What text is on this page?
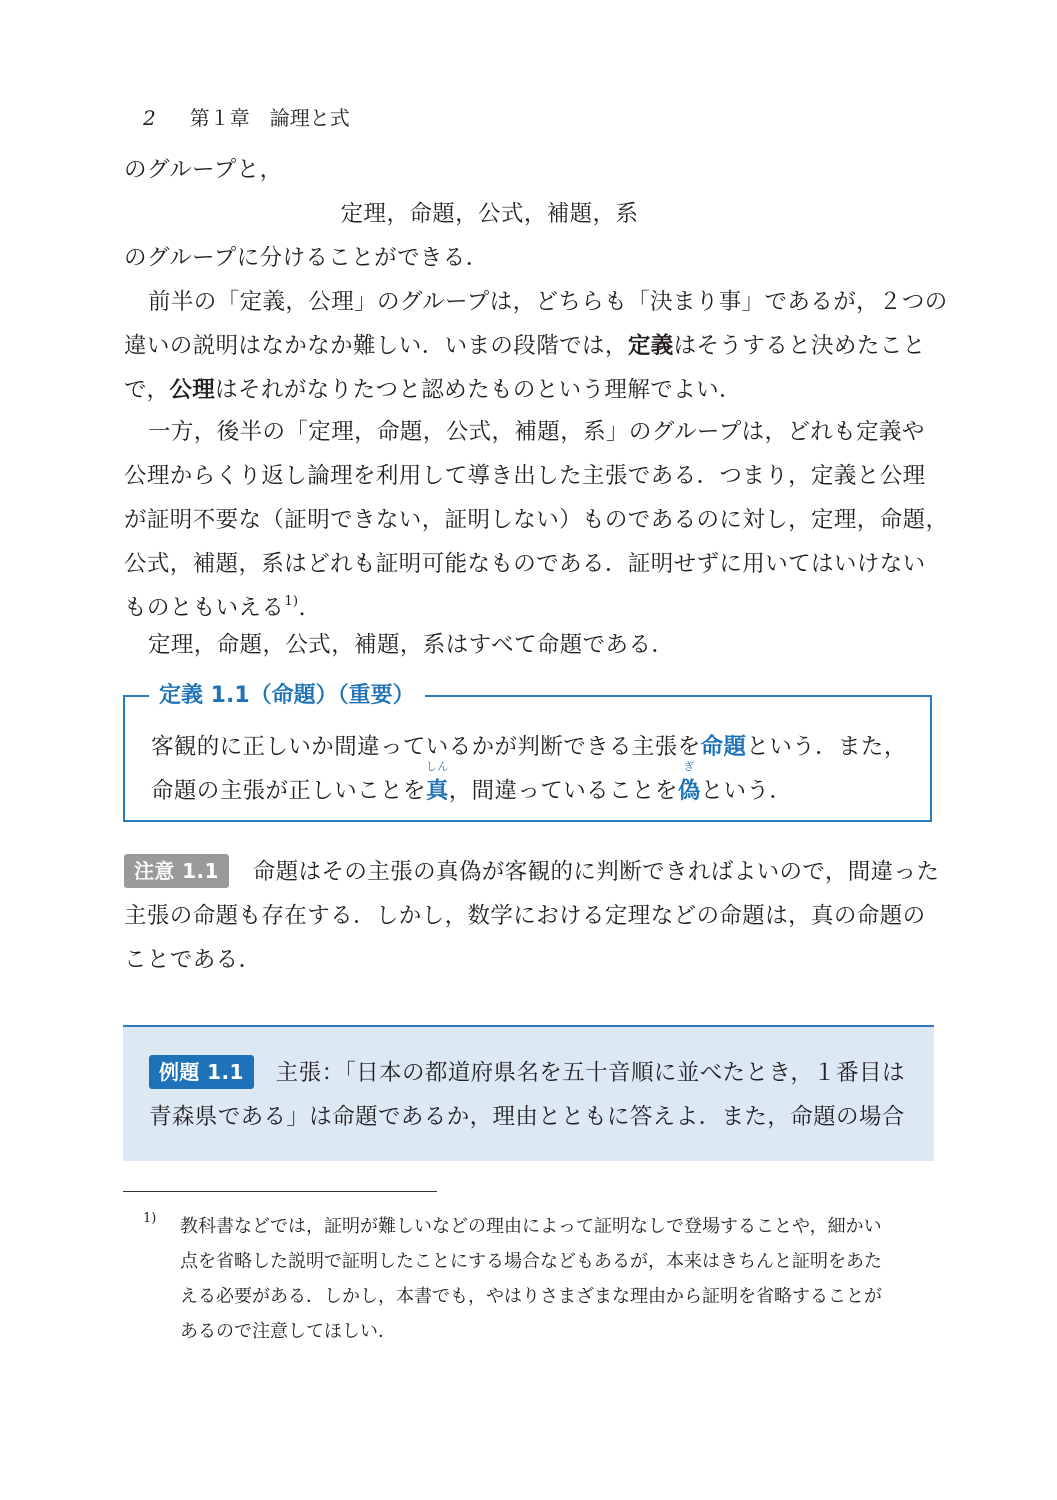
2 第１章　論理と式
のグループと，
定理，命題，公式，補題，系
のグループに分けることができる．
前半の「定義，公理」のグループは，どちらも「決まり事」であるが，２つの
違いの説明はなかなか難しい．いまの段階では，定義はそうすると決めたこと
で，公理はそれがなりたつと認めたものという理解でよい．
一方，後半の「定理，命題，公式，補題，系」のグループは，どれも定義や
公理からくり返し論理を利用して導き出した主張である．つまり，定義と公理
が証明不要な（証明できない，証明しない）ものであるのに対し，定理，命題，
公式，補題，系はどれも証明可能なものである．証明せずに用いてはいけない
ものともいえる$^{1)}$.
定理，命題，公式，補題，系はすべて命題である．
定義 1.1（命題）（重要）
客観的に正しいか間違っているかが判断できる主張を命題という．また，
命題の主張が正しいことを
しん
真，間違っていることを
ぎ
偽という．
注意 1.1 命題はその主張の真偽が客観的に判断できればよいので，間違った
主張の命題も存在する．しかし，数学における定理などの命題は，真の命題の
ことである．
例題 1.1 主張：「日本の都道府県名を五十音順に並べたとき，１番目は
青森県である」は命題であるか，理由とともに答えよ．また，命題の場合
1) 教科書などでは，証明が難しいなどの理由によって証明なしで登場することや，細かい
点を省略した説明で証明したことにする場合などもあるが，本来はきちんと証明をあた
える必要がある．しかし，本書でも，やはりさまざまな理由から証明を省略することが
あるので注意してほしい．
